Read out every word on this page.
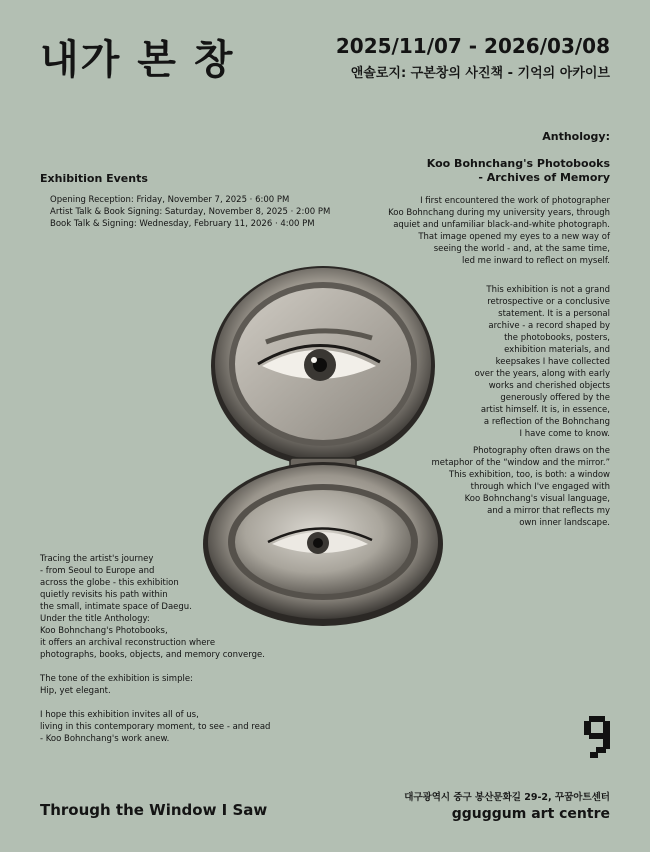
내가 본 창	2025/11/07 - 2026/03/08
앤솔로지: 구본창의 사진책 - 기억의 아카이브
Anthology:
Koo Bohnchang's Photobooks
- Archives of Memory
Exhibition Events
Opening Reception: Friday, November 7, 2025 · 6:00 PM
Artist Talk & Book Signing: Saturday, November 8, 2025 · 2:00 PM
Book Talk & Signing: Wednesday, February 11, 2026 · 4:00 PM
I first encountered the work of photographer
Koo Bohnchang during my university years, through
aquiet and unfamiliar black-and-white photograph.
That image opened my eyes to a new way of
seeing the world - and, at the same time,
led me inward to reflect on myself.
This exhibition is not a grand
retrospective or a conclusive
statement. It is a personal
archive - a record shaped by
the photobooks, posters,
exhibition materials, and
keepsakes I have collected
over the years, along with early
works and cherished objects
generously offered by the
artist himself. It is, in essence,
a reflection of the Bohnchang
I have come to know.
Photography often draws on the
metaphor of the “window and the mirror.”
This exhibition, too, is both: a window
through which I've engaged with
Koo Bohnchang's visual language,
and a mirror that reflects my
own inner landscape.

Tracing the artist's journey
- from Seoul to Europe and
across the globe - this exhibition
quietly revisits his path within
the small, intimate space of Daegu.
Under the title Anthology:
Koo Bohnchang's Photobooks,
it offers an archival reconstruction where
photographs, books, objects, and memory converge.

The tone of the exhibition is simple:
Hip, yet elegant.

I hope this exhibition invites all of us,
living in this contemporary moment, to see - and read
- Koo Bohnchang's work anew.

Through the Window I Saw
대구광역시 중구 봉산문화길 29-2, 꾸꿈아트센터
gguggum art centre
